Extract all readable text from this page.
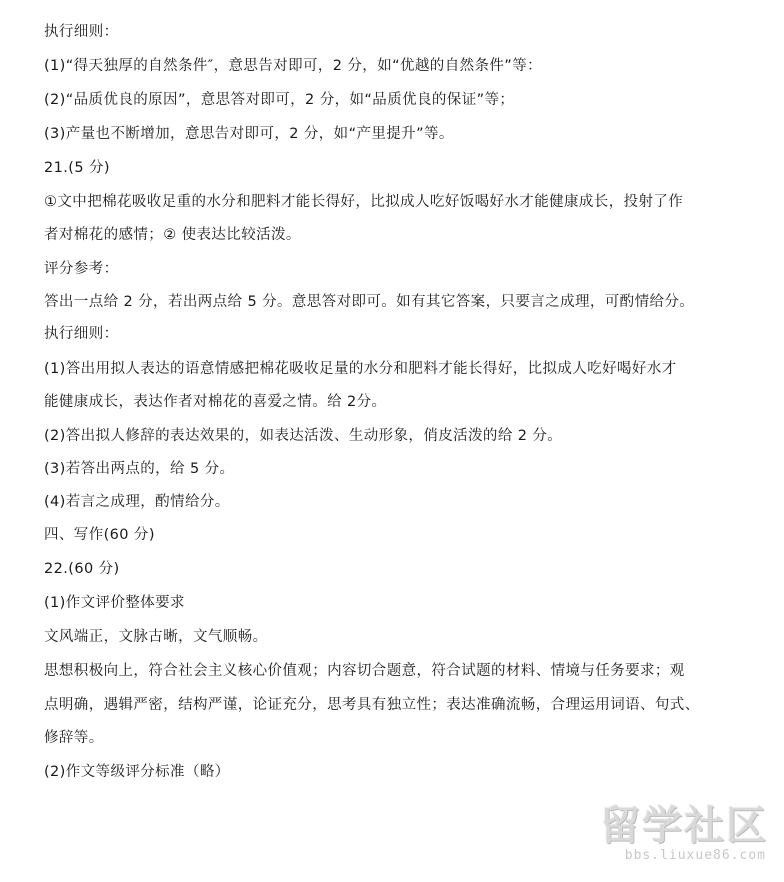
执行细则：
(1)“得天独厚的自然条件″，意思告对即可，2 分，如“优越的自然条件”等：
(2)“品质优良的原因”，意思答对即可，2 分，如“品质优良的保证”等；
(3)产量也不断增加，意思告对即可，2 分，如“产里提升”等。
21.(5 分)
①文中把棉花吸收足重的水分和肥料才能长得好，比拟成人吃好饭喝好水才能健康成长，投射了作
者对棉花的感情；② 使表达比较活泼。
评分参考：
答出一点给 2 分，若出两点给 5 分。意思答对即可。如有其它答案，只要言之成理，可酌情给分。
执行细则：
(1)答出用拟人表达的语意情感把棉花吸收足量的水分和肥料才能长得好，比拟成人吃好喝好水才
能健康成长，表达作者对棉花的喜爱之情。给 2分。
(2)答出拟人修辞的表达效果的，如表达活泼、生动形象，俏皮活泼的给 2 分。
(3)若答出两点的，给 5 分。
(4)若言之成理，酌情给分。
四、写作(60 分)
22.(60 分)
(1)作文评价整体要求
文风端正，文脉古晰，文气顺畅。
思想积极向上，符合社会主义核心价值观；内容切合题意，符合试题的材料、情境与任务要求；观
点明确，遇辑严密，结构严谨，论证充分，思考具有独立性；表达准确流畅，合理运用词语、句式、
修辞等。
(2)作文等级评分标准（略）
留学社区
bbs.liuxue86.com
